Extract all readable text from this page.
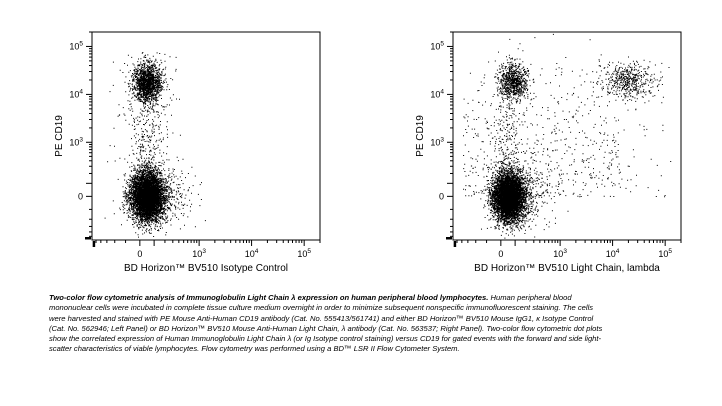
0	$10^3$	$10^4$	$10^5$
0
$10^3$
$10^4$
$10^5$
BD Horizon™ BV510 Isotype Control
PE CD19
0	$10^3$	$10^4$	$10^5$
0
$10^3$
$10^4$
$10^5$
BD Horizon™ BV510 Light Chain, lambda
PE CD19
Two-color flow cytometric analysis of Immunoglobulin Light Chain λ expression on human peripheral blood lymphocytes. Human peripheral blood mononuclear cells were incubated in complete tissue culture medium overnight in order to minimize subsequent nonspecific immunofluorescent staining. The cells were harvested and stained with PE Mouse Anti-Human CD19 antibody (Cat. No. 555413/561741) and either BD Horizon™ BV510 Mouse IgG1, κ Isotype Control (Cat. No. 562946; Left Panel) or BD Horizon™ BV510 Mouse Anti-Human Light Chain, λ antibody (Cat. No. 563537; Right Panel). Two-color flow cytometric dot plots show the correlated expression of Human Immunoglobulin Light Chain λ (or Ig Isotype control staining) versus CD19 for gated events with the forward and side light-scatter characteristics of viable lymphocytes. Flow cytometry was performed using a BD™ LSR II Flow Cytometer System.
